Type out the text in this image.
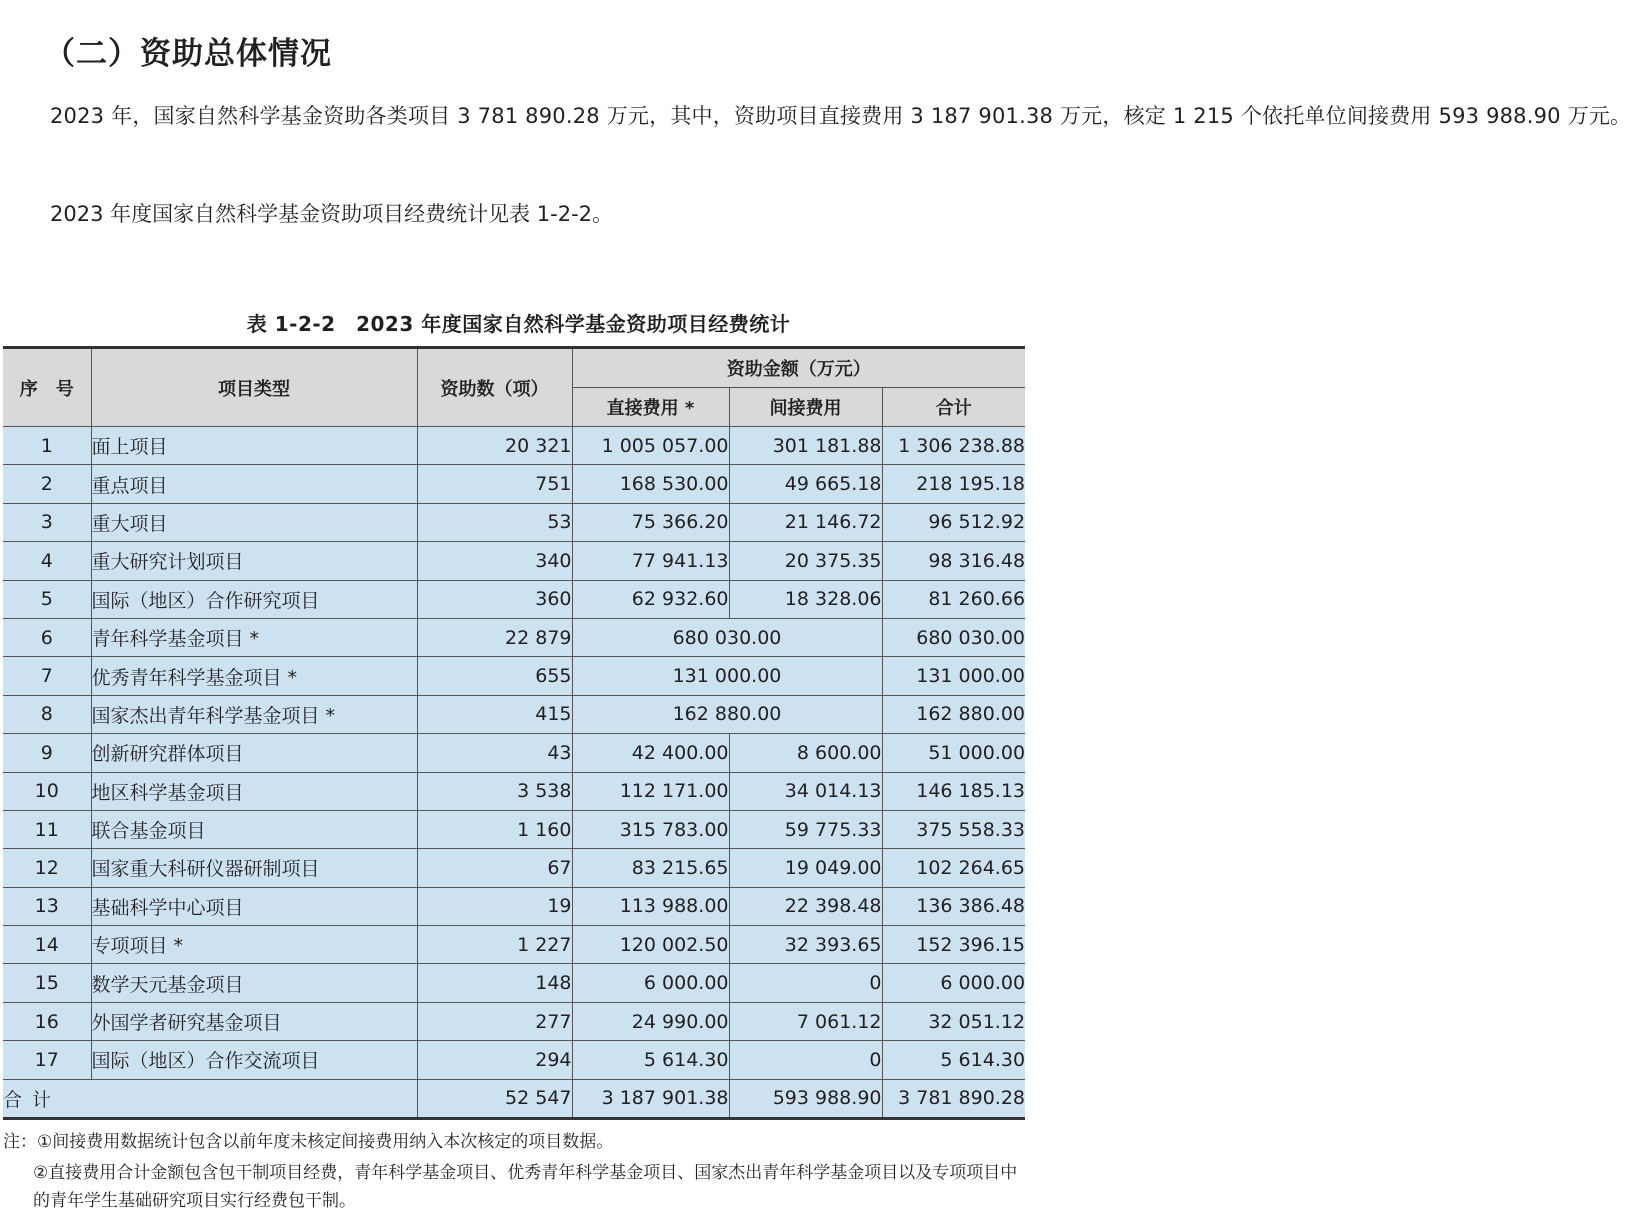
（二）资助总体情况

2023 年，国家自然科学基金资助各类项目 3 781 890.28 万元，其中，资助项目直接费用 3 187 901.38 万元，核定 1 215 个依托单位间接费用 593 988.90 万元。

2023 年度国家自然科学基金资助项目经费统计见表 1-2-2。

表 1-2-2　2023 年度国家自然科学基金资助项目经费统计
序　号	项目类型	资助数（项）	资助金额（万元）		
			直接费用 *	间接费用	合计
1	面上项目	20 321	1 005 057.00	301 181.88	1 306 238.88
2	重点项目	751	168 530.00	49 665.18	218 195.18
3	重大项目	53	75 366.20	21 146.72	96 512.92
4	重大研究计划项目	340	77 941.13	20 375.35	98 316.48
5	国际（地区）合作研究项目	360	62 932.60	18 328.06	81 260.66
6	青年科学基金项目 *	22 879	680 030.00		680 030.00
7	优秀青年科学基金项目 *	655	131 000.00		131 000.00
8	国家杰出青年科学基金项目 *	415	162 880.00		162 880.00
9	创新研究群体项目	43	42 400.00	8 600.00	51 000.00
10	地区科学基金项目	3 538	112 171.00	34 014.13	146 185.13
11	联合基金项目	1 160	315 783.00	59 775.33	375 558.33
12	国家重大科研仪器研制项目	67	83 215.65	19 049.00	102 264.65
13	基础科学中心项目	19	113 988.00	22 398.48	136 386.48
14	专项项目 *	1 227	120 002.50	32 393.65	152 396.15
15	数学天元基金项目	148	6 000.00	0	6 000.00
16	外国学者研究基金项目	277	24 990.00	7 061.12	32 051.12
17	国际（地区）合作交流项目	294	5 614.30	0	5 614.30
合计		52 547	3 187 901.38	593 988.90	3 781 890.28
注：①间接费用数据统计包含以前年度未核定间接费用纳入本次核定的项目数据。
②直接费用合计金额包含包干制项目经费，青年科学基金项目、优秀青年科学基金项目、国家杰出青年科学基金项目以及专项项目中的青年学生基础研究项目实行经费包干制。
